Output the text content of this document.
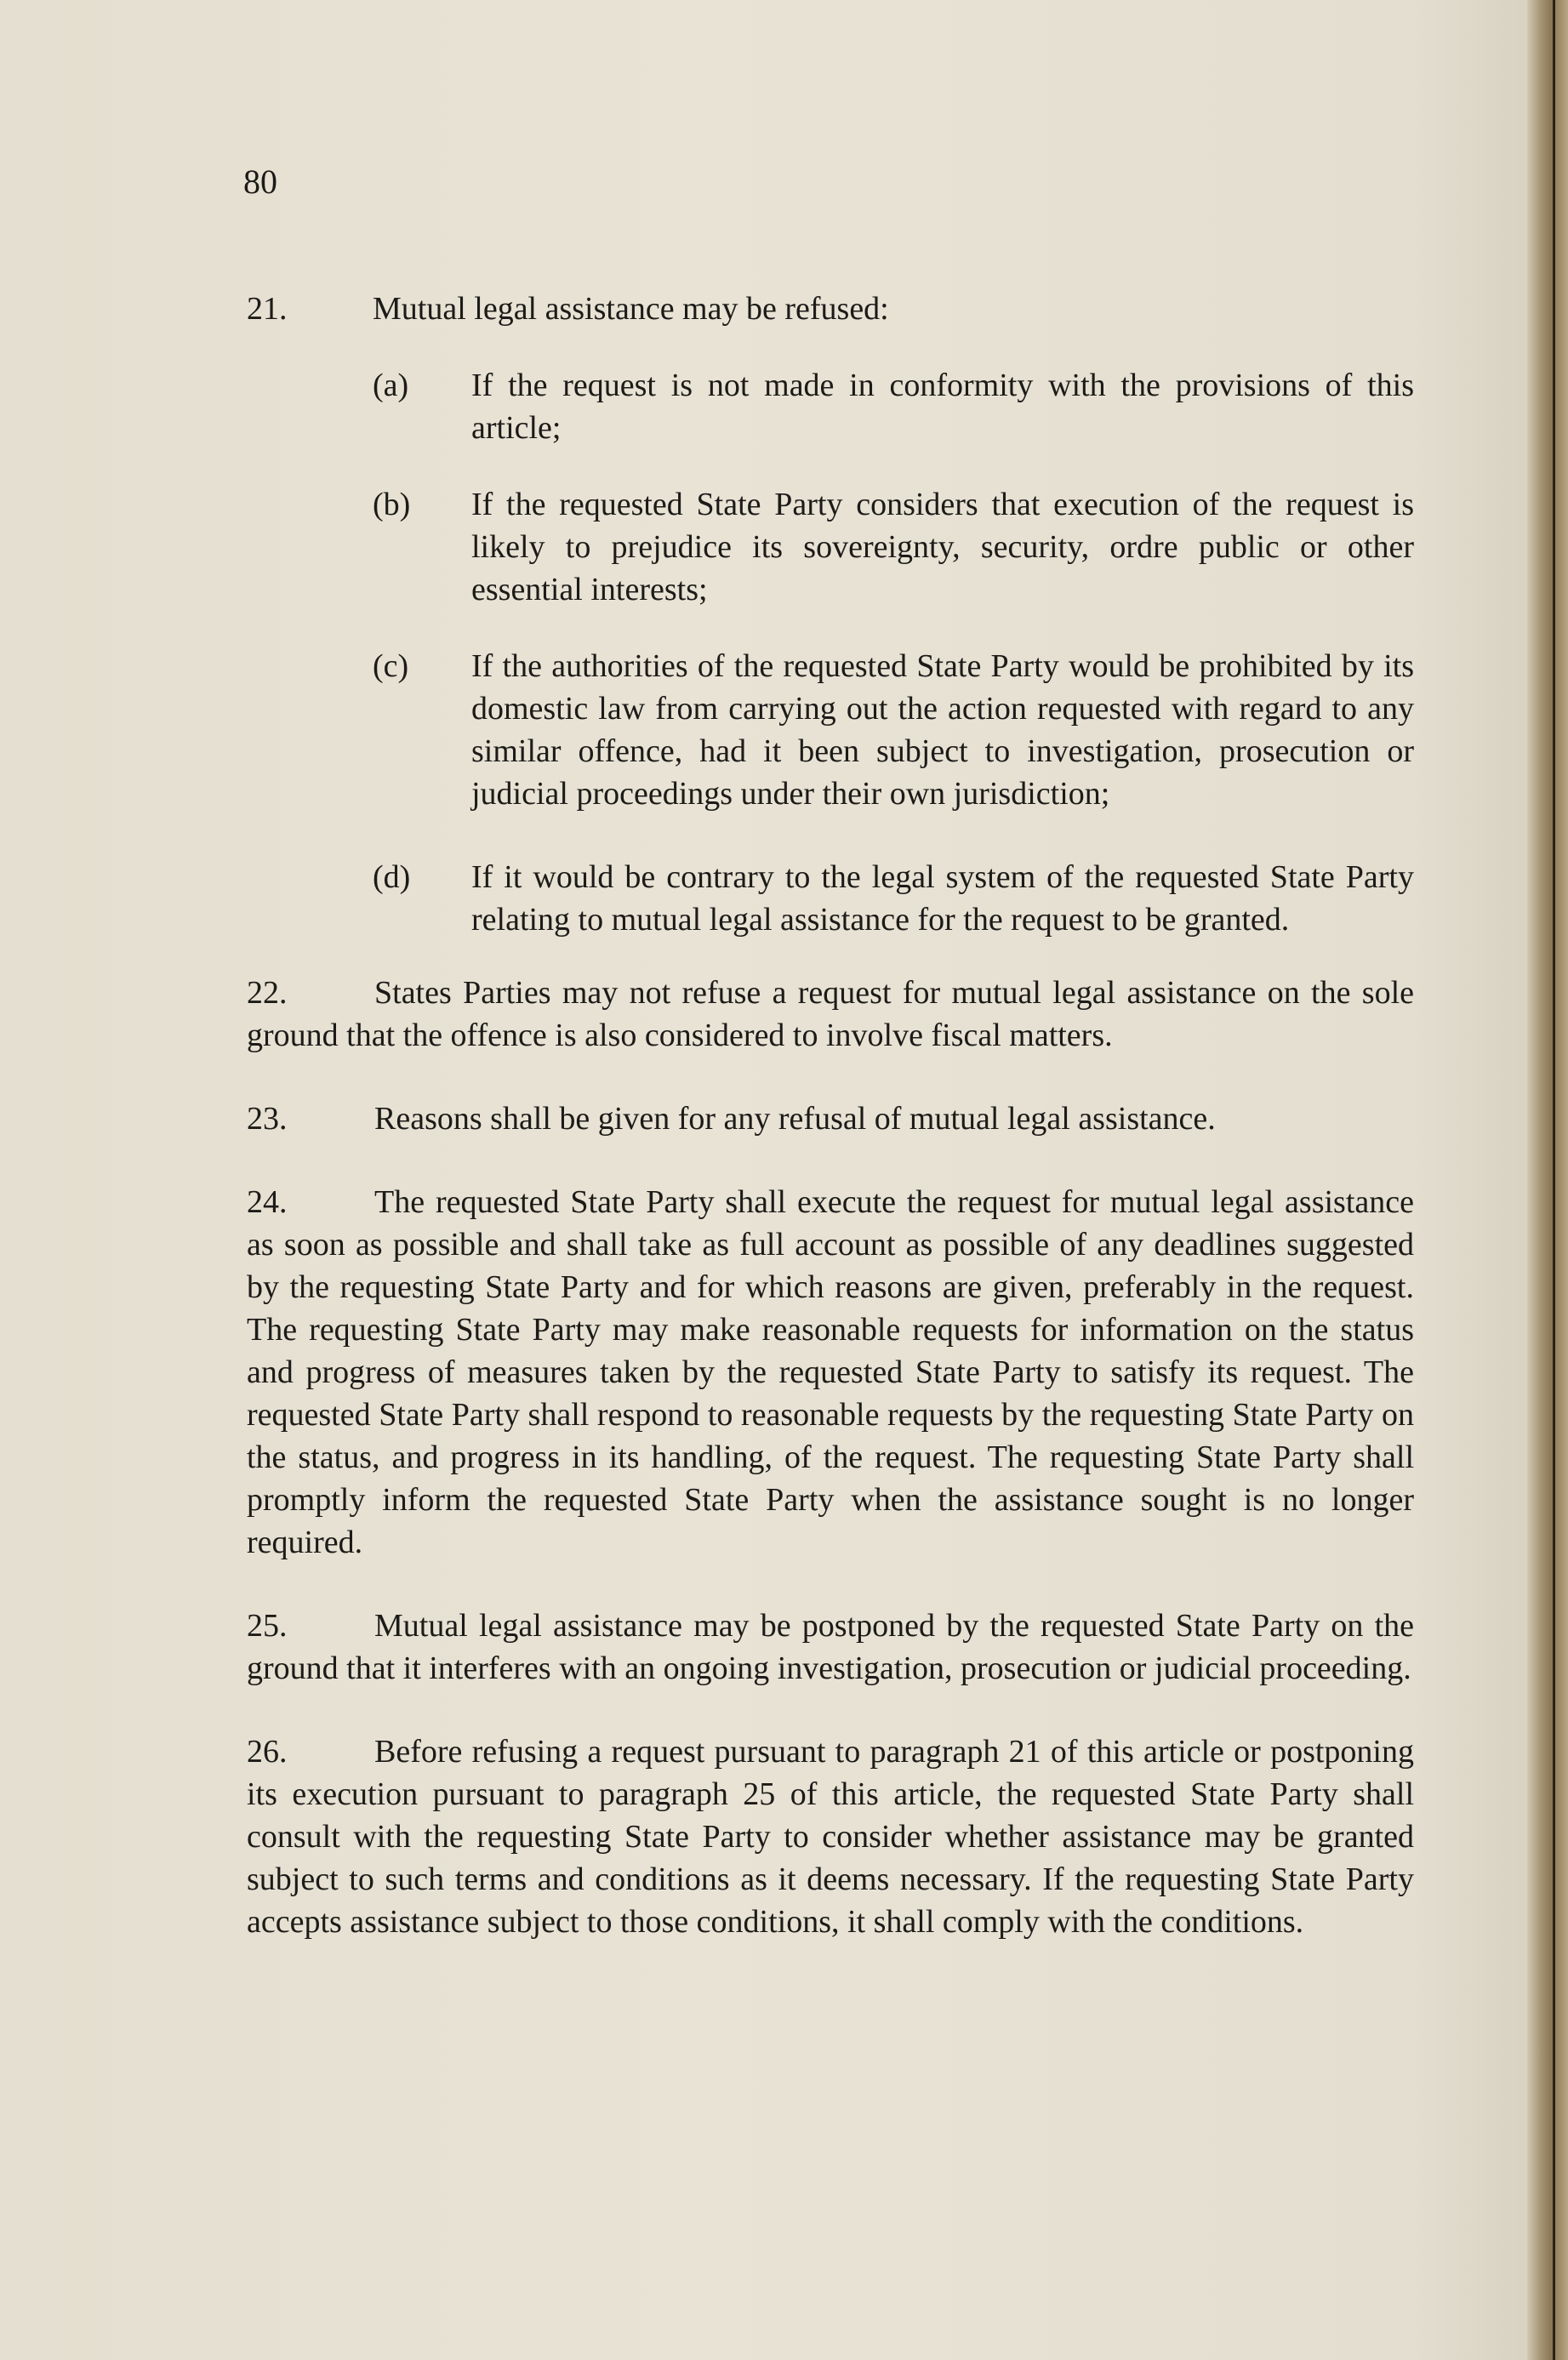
80

21.	Mutual legal assistance may be refused:

(a)	If the request is not made in conformity with the provisions of this article;
(b)	If the requested State Party considers that execution of the request is likely to prejudice its sovereignty, security, ordre public or other essential interests;
(c)	If the authorities of the requested State Party would be prohibited by its domestic law from carrying out the action requested with regard to any similar offence, had it been subject to investigation, prosecution or judicial proceedings under their own jurisdiction;
(d)	If it would be contrary to the legal system of the requested State Party relating to mutual legal assistance for the request to be granted.

22.	States Parties may not refuse a request for mutual legal assistance on the sole ground that the offence is also considered to involve fiscal matters.

23.	Reasons shall be given for any refusal of mutual legal assistance.

24.	The requested State Party shall execute the request for mutual legal assistance as soon as possible and shall take as full account as possible of any deadlines suggested by the requesting State Party and for which reasons are given, preferably in the request. The requesting State Party may make reasonable requests for information on the status and progress of measures taken by the requested State Party to satisfy its request. The requested State Party shall respond to reasonable requests by the requesting State Party on the status, and progress in its handling, of the request. The requesting State Party shall promptly inform the requested State Party when the assistance sought is no longer required.

25.	Mutual legal assistance may be postponed by the requested State Party on the ground that it interferes with an ongoing investigation, prosecution or judicial proceeding.

26.	Before refusing a request pursuant to paragraph 21 of this article or postponing its execution pursuant to paragraph 25 of this article, the requested State Party shall consult with the requesting State Party to consider whether assistance may be granted subject to such terms and conditions as it deems necessary. If the requesting State Party accepts assistance subject to those conditions, it shall comply with the conditions.
